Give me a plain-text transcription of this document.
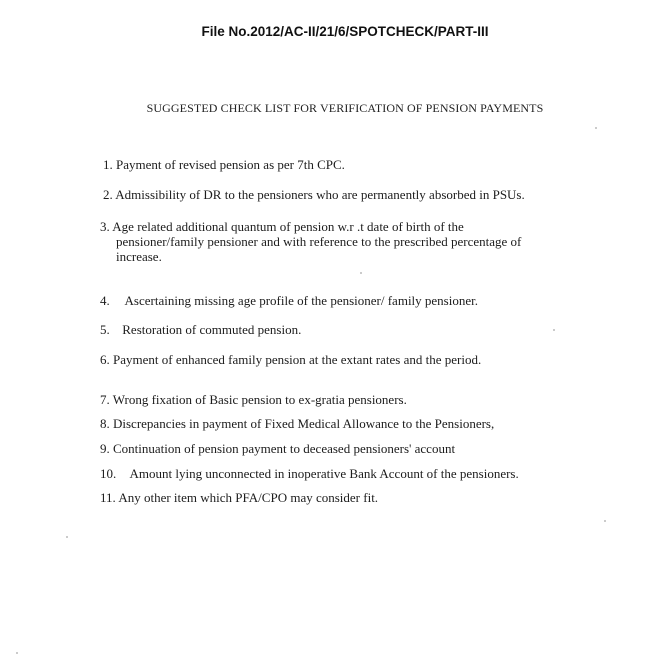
File No.2012/AC-II/21/6/SPOTCHECK/PART-III
SUGGESTED CHECK LIST FOR VERIFICATION OF PENSION PAYMENTS
1. Payment of revised pension as per 7th CPC.
2. Admissibility of DR to the pensioners who are permanently absorbed in PSUs.
3. Age related additional quantum of pension w.r .t date of birth of the
pensioner/family pensioner and with reference to the prescribed percentage of
increase.
4. Ascertaining missing age profile of the pensioner/ family pensioner.
5. Restoration of commuted pension.
6. Payment of enhanced family pension at the extant rates and the period.
7. Wrong fixation of Basic pension to ex-gratia pensioners.
8. Discrepancies in payment of Fixed Medical Allowance to the Pensioners,
9. Continuation of pension payment to deceased pensioners' account
10. Amount lying unconnected in inoperative Bank Account of the pensioners.
11. Any other item which PFA/CPO may consider fit.
